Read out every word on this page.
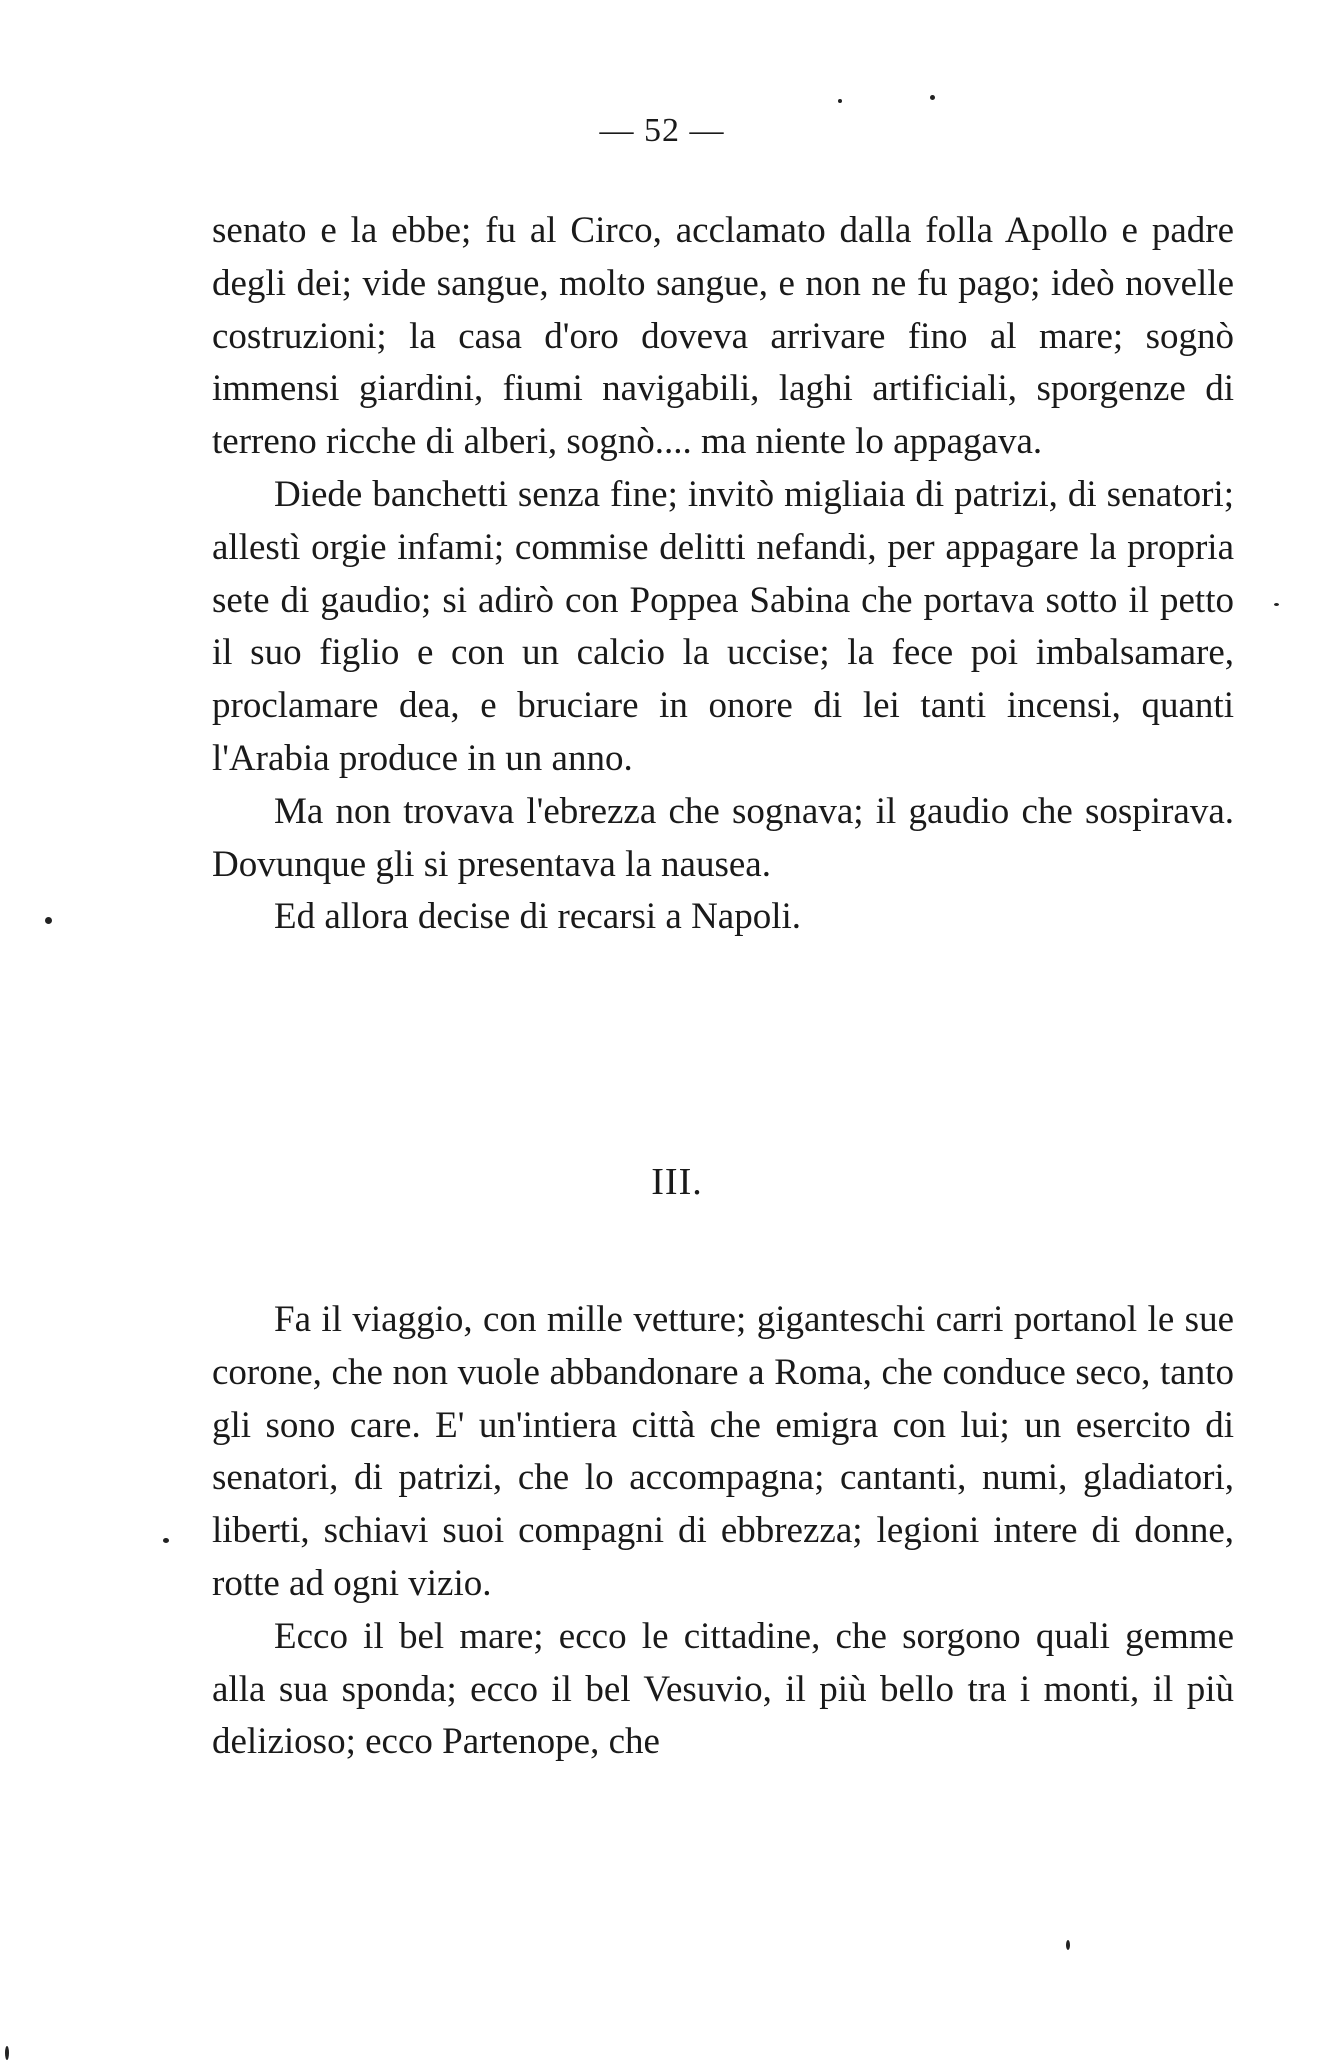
— 52 —

senato e la ebbe; fu al Circo, acclamato dalla folla Apollo e padre degli dei; vide sangue, molto sangue, e non ne fu pago; ideò novelle costruzioni; la casa d'oro doveva arrivare fino al mare; sognò immensi giardini, fiumi navigabili, laghi artificiali, sporgenze di terreno ricche di alberi, sognò.... ma niente lo appagava.

Diede banchetti senza fine; invitò migliaia di patrizi, di senatori; allestì orgie infami; commise delitti nefandi, per appagare la propria sete di gaudio; si adirò con Poppea Sabina che portava sotto il petto il suo figlio e con un calcio la uccise; la fece poi imbalsamare, proclamare dea, e bruciare in onore di lei tanti incensi, quanti l'Arabia produce in un anno.

Ma non trovava l'ebrezza che sognava; il gaudio che sospirava. Dovunque gli si presentava la nausea.

Ed allora decise di recarsi a Napoli.

III.

Fa il viaggio, con mille vetture; giganteschi carri portanol le sue corone, che non vuole abbandonare a Roma, che conduce seco, tanto gli sono care. E' un'intiera città che emigra con lui; un esercito di senatori, di patrizi, che lo accompagna; cantanti, numi, gladiatori, liberti, schiavi suoi compagni di ebbrezza; legioni intere di donne, rotte ad ogni vizio.

Ecco il bel mare; ecco le cittadine, che sorgono quali gemme alla sua sponda; ecco il bel Vesuvio, il più bello tra i monti, il più delizioso; ecco Partenope, che
